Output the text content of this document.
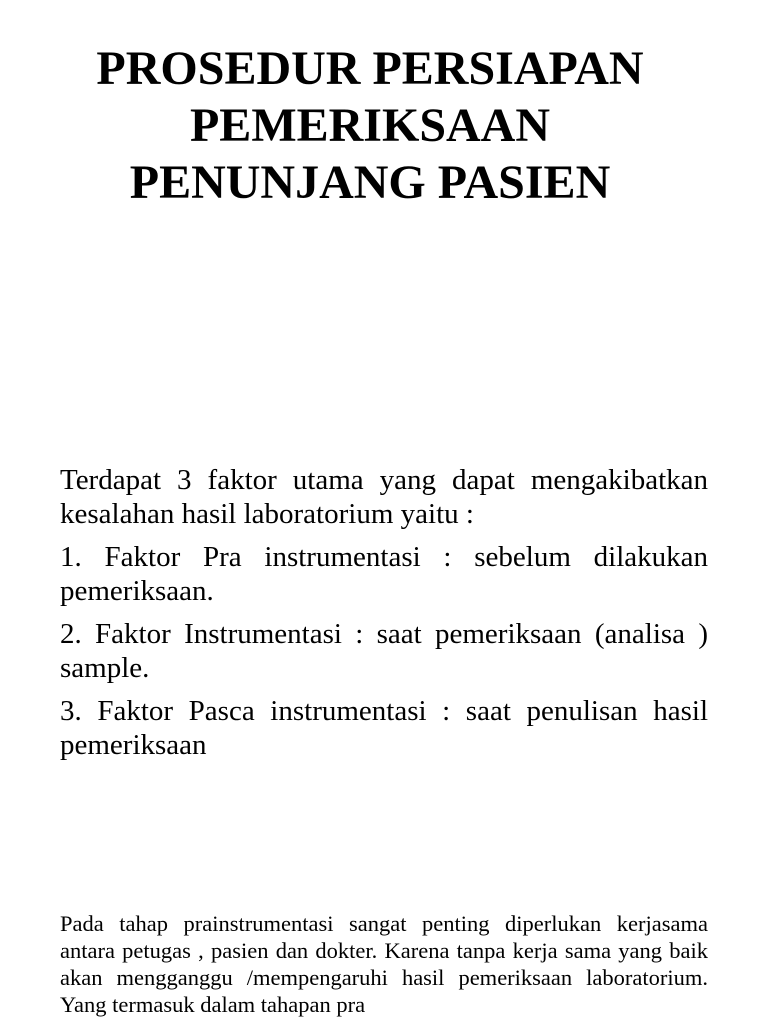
PROSEDUR PERSIAPAN
PEMERIKSAAN
PENUNJANG PASIEN

Terdapat 3 faktor utama yang dapat mengakibatkan kesalahan hasil laboratorium yaitu :

1. Faktor Pra instrumentasi : sebelum dilakukan pemeriksaan.

2. Faktor Instrumentasi : saat pemeriksaan (analisa ) sample.

3. Faktor Pasca instrumentasi : saat penulisan hasil pemeriksaan

Pada tahap prainstrumentasi sangat penting diperlukan kerjasama antara petugas , pasien dan dokter. Karena tanpa kerja sama yang baik akan mengganggu /mempengaruhi hasil pemeriksaan laboratorium. Yang termasuk dalam tahapan pra
